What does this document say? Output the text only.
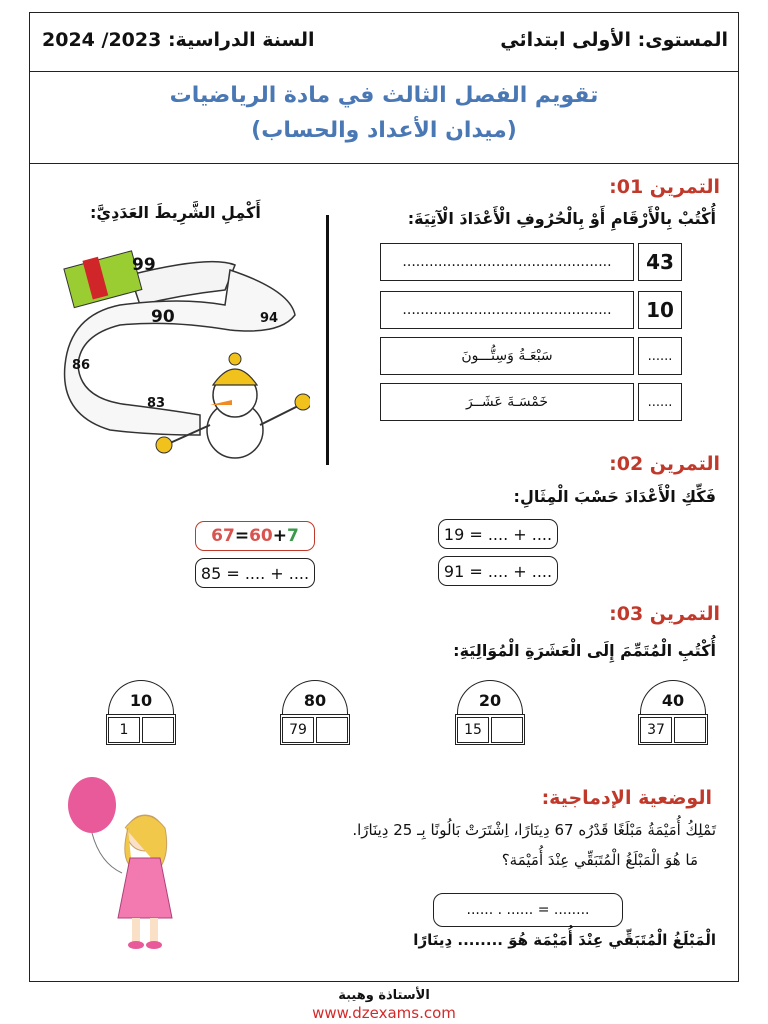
المستوى: الأولى ابتدائي
السنة الدراسية: 2023/ 2024
تقويم الفصل الثالث في مادة الرياضيات
(ميدان الأعداد والحساب)
التمرين 01:
أُكْتُبْ بِالْأَرْقَامِ أَوْ بِالْحُرُوفِ الْأَعْدَادَ الْآتِيَةَ:
أَكْمِلِ الشَّرِيطَ العَدَدِيَّ:
43
...............................................
10
...............................................
......
سَبْعَـةُ وَسِتُّـــونَ
......
خَمْسَـةَ عَشَــرَ
99
90	94
86
83
التمرين 02:
فَكِّكِ الْأَعْدَادَ حَسْبَ الْمِثَالِ:
67 = 60 + 7
85 = .... + ....
19 = .... + ....
91 = .... + ....
التمرين 03:
أُكْتُبِ الْمُتَمِّمَ إِلَى الْعَشَرَةِ الْمُوَالِيَةِ:
10
1
80
79
20
15
40
37
الوضعية الإدماجية:
تَمْلِكُ أُمَيْمَةُ مَبْلَغًا قَدْرُه 67 دِينَارًا، اِشْتَرَتْ بَالُونًا بِـ 25 دِينَارًا.
مَا هُوَ الْمَبْلَغُ الْمُتَبَقِّي عِنْدَ أُمَيْمَة؟
...... . ...... = ........
الْمَبْلَغُ الْمُتَبَقِّي عِنْدَ أُمَيْمَة هُوَ ........ دِينَارًا
الأستاذة وهيبة
www.dzexams.com
